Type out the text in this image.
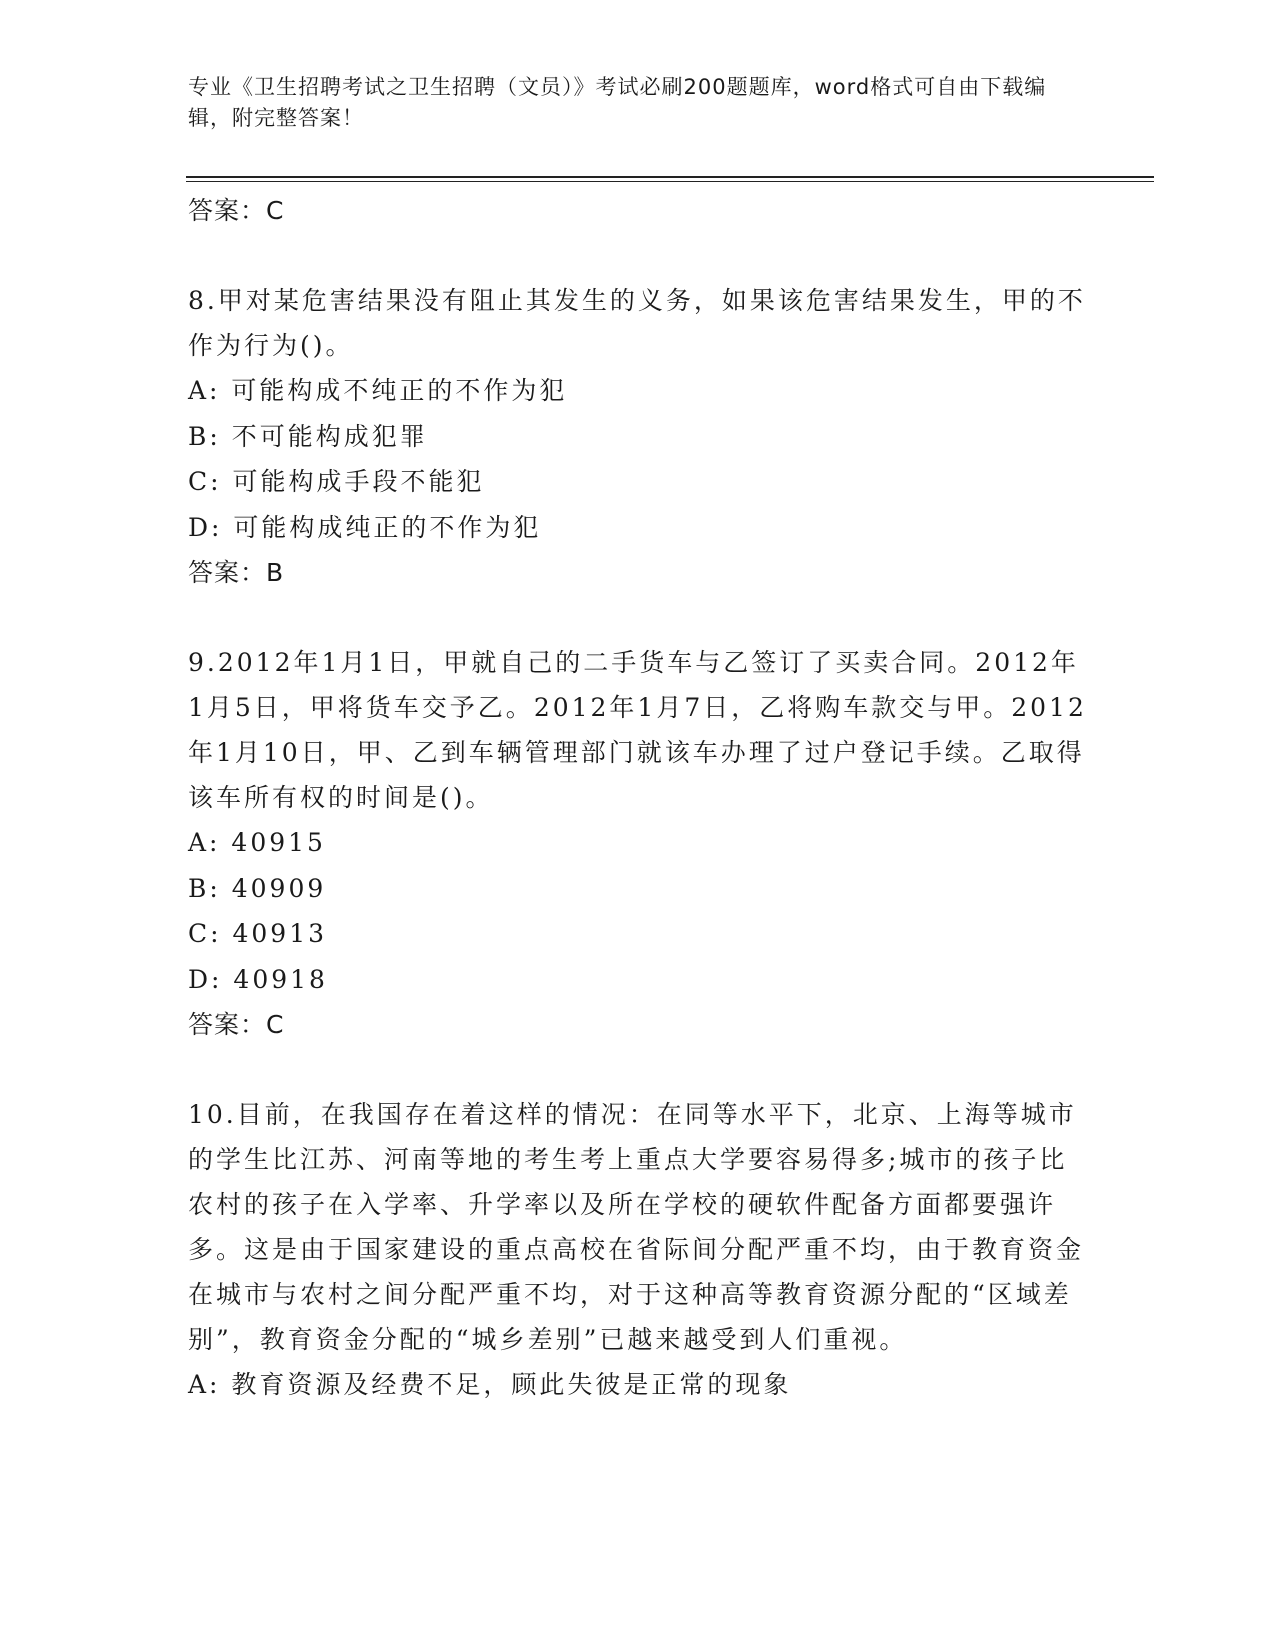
专业《卫生招聘考试之卫生招聘（文员）》考试必刷200题题库，word格式可自由下载编辑，附完整答案！

答案：C

8.甲对某危害结果没有阻止其发生的义务，如果该危害结果发生，甲的不作为行为()。

A: 可能构成不纯正的不作为犯

B: 不可能构成犯罪

C: 可能构成手段不能犯

D: 可能构成纯正的不作为犯

答案：B

9.2012年1月1日，甲就自己的二手货车与乙签订了买卖合同。2012年1月5日，甲将货车交予乙。2012年1月7日，乙将购车款交与甲。2012年1月10日，甲、乙到车辆管理部门就该车办理了过户登记手续。乙取得该车所有权的时间是()。

A: 40915

B: 40909

C: 40913

D: 40918

答案：C

10.目前，在我国存在着这样的情况：在同等水平下，北京、上海等城市的学生比江苏、河南等地的考生考上重点大学要容易得多;城市的孩子比农村的孩子在入学率、升学率以及所在学校的硬软件配备方面都要强许多。这是由于国家建设的重点高校在省际间分配严重不均，由于教育资金在城市与农村之间分配严重不均，对于这种高等教育资源分配的“区域差别”，教育资金分配的“城乡差别”已越来越受到人们重视。

A: 教育资源及经费不足，顾此失彼是正常的现象
